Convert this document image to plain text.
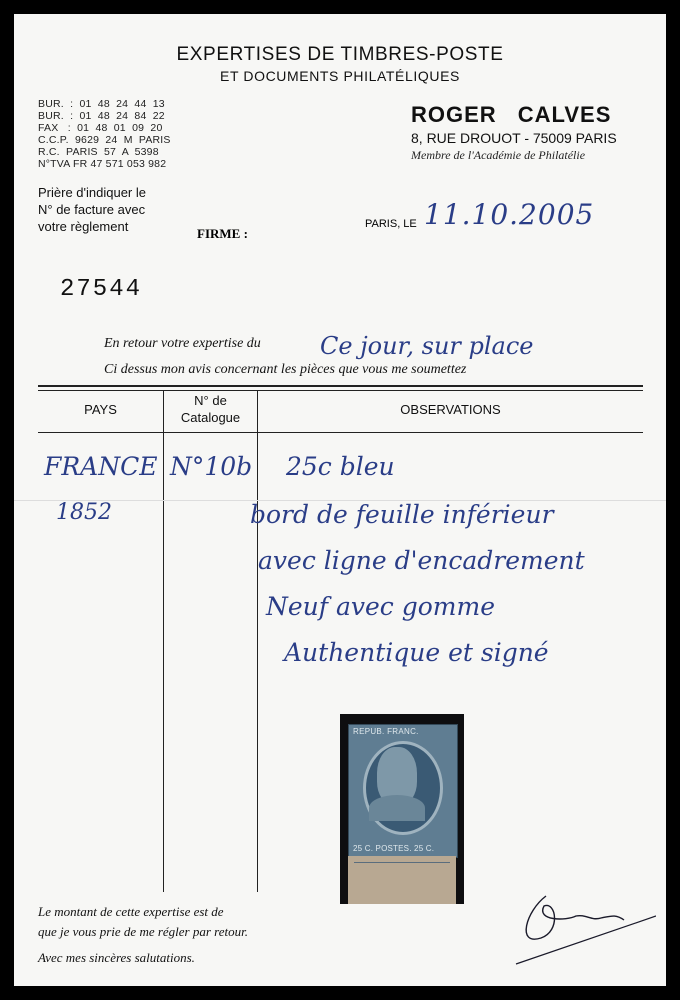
EXPERTISES DE TIMBRES-POSTE
ET DOCUMENTS PHILATÉLIQUES
BUR.  :  01  48  24  44  13
BUR.  :  01  48  24  84  22
FAX   :  01  48  01  09  20
C.C.P.  9629  24  M  PARIS
R.C.  PARIS  57  A  5398
N°TVA FR 47 571 053 982
ROGER CALVES
8, RUE DROUOT - 75009 PARIS
Membre de l'Académie de Philatélie
Prière d'indiquer le
N° de facture avec
votre règlement	FIRME :
PARIS, LE 11.10.2005
27544
En retour votre expertise du Ce jour, sur place
Ci dessus mon avis concernant les pièces que vous me soumettez
PAYS
N° de
Catalogue
OBSERVATIONS
FRANCE
1852
N°10b 25c bleu
bord de feuille inférieur
avec ligne d'encadrement
Neuf avec gomme
Authentique et signé
REPUB. FRANC.
25 C. POSTES. 25 C.
Le montant de cette expertise est de
que je vous prie de me régler par retour.
Avec mes sincères salutations.
